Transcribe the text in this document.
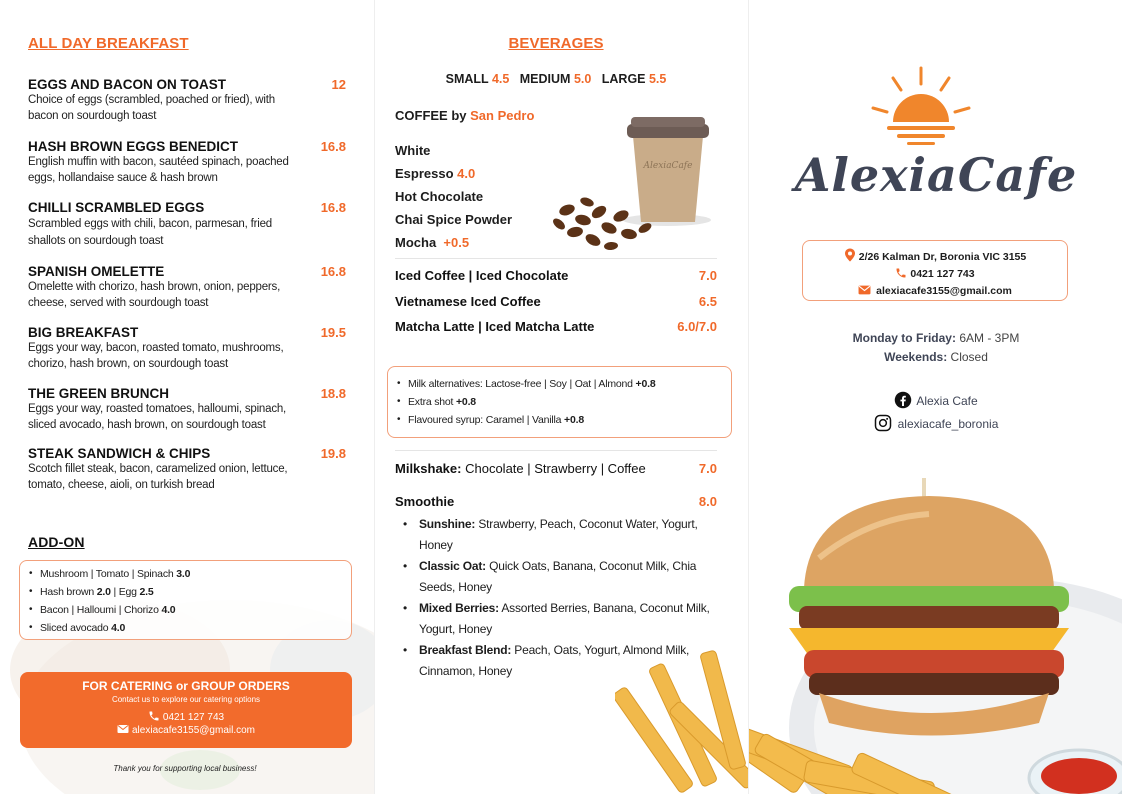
ALL DAY BREAKFAST
EGGS AND BACON ON TOAST	12
Choice of eggs (scrambled, poached or fried), with bacon on sourdough toast
HASH BROWN EGGS BENEDICT	16.8
English muffin with bacon, sautéed spinach, poached eggs, hollandaise sauce & hash brown
CHILLI SCRAMBLED EGGS	16.8
Scrambled eggs with chili, bacon, parmesan, fried shallots on sourdough toast
SPANISH OMELETTE	16.8
Omelette with chorizo, hash brown, onion, peppers, cheese, served with sourdough toast
BIG BREAKFAST	19.5
Eggs your way, bacon, roasted tomato, mushrooms, chorizo, hash brown, on sourdough toast
THE GREEN BRUNCH	18.8
Eggs your way, roasted tomatoes, halloumi, spinach, sliced avocado, hash brown, on sourdough toast
STEAK SANDWICH & CHIPS	19.8
Scotch fillet steak, bacon, caramelized onion, lettuce, tomato, cheese, aioli, on turkish bread
ADD-ON
• Mushroom | Tomato | Spinach 3.0
• Hash brown 2.0 | Egg 2.5
• Bacon | Halloumi | Chorizo 4.0
• Sliced avocado 4.0
FOR CATERING or GROUP ORDERS
Contact us to explore our catering options
0421 127 743
alexiacafe3155@gmail.com
Thank you for supporting local business!
BEVERAGES
SMALL 4.5 MEDIUM 5.0 LARGE 5.5
COFFEE by San Pedro
White
Espresso 4.0
Hot Chocolate
Chai Spice Powder
Mocha +0.5
AlexiaCafe
Iced Coffee | Iced Chocolate	7.0
Vietnamese Iced Coffee	6.5
Matcha Latte | Iced Matcha Latte	6.0/7.0
• Milk alternatives: Lactose-free | Soy | Oat | Almond +0.8
• Extra shot +0.8
• Flavoured syrup: Caramel | Vanilla +0.8
Milkshake: Chocolate | Strawberry | Coffee	7.0
Smoothie	8.0
• Sunshine: Strawberry, Peach, Coconut Water, Yogurt, Honey
• Classic Oat: Quick Oats, Banana, Coconut Milk, Chia Seeds, Honey
• Mixed Berries: Assorted Berries, Banana, Coconut Milk, Yogurt, Honey
• Breakfast Blend: Peach, Oats, Yogurt, Almond Milk, Cinnamon, Honey
AlexiaCafe
2/26 Kalman Dr, Boronia VIC 3155
0421 127 743
alexiacafe3155@gmail.com
Monday to Friday: 6AM - 3PM
Weekends: Closed
Alexia Cafe
alexiacafe_boronia
